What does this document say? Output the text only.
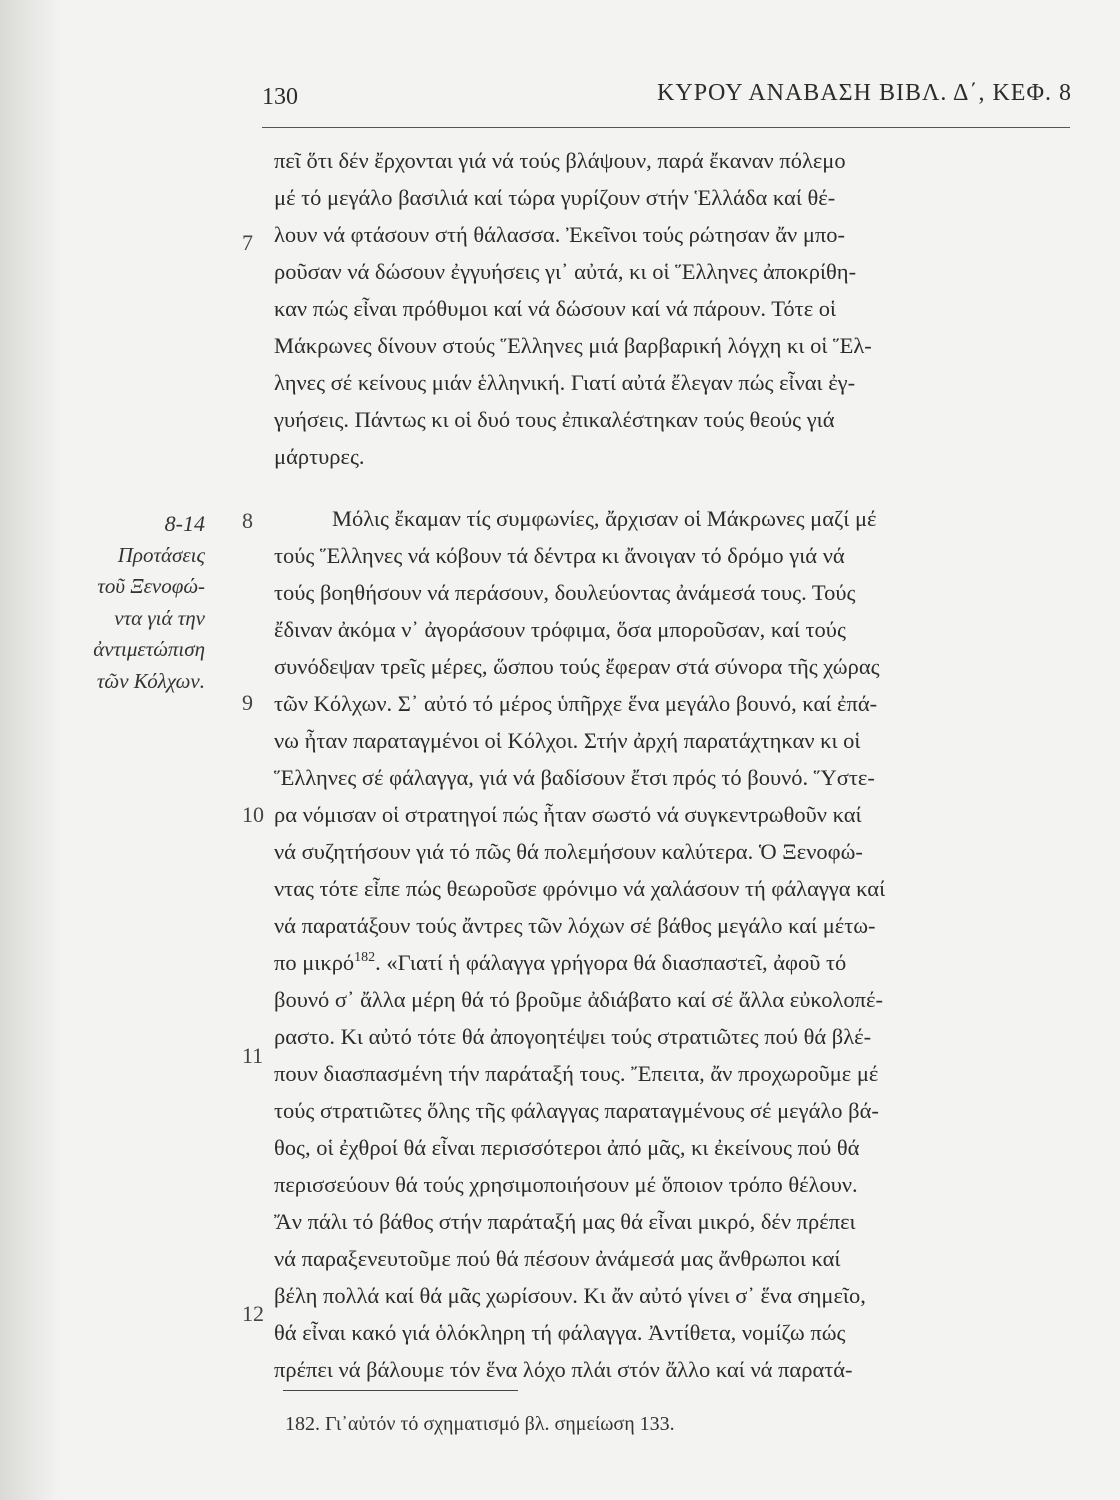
130	ΚΥΡΟΥ ΑΝΑΒΑΣΗ ΒΙΒΛ. Δ΄, ΚΕΦ. 8
7
8
9
10
11
12
8-14
Προτάσεις
τοῦ Ξενοφώ-
ντα γιά την
ἀντιμετώπιση
τῶν Κόλχων.
πεῖ ὅτι δέν ἔρχονται γιά νά τούς βλάψουν, παρά ἔκαναν πόλεμο
μέ τό μεγάλο βασιλιά καί τώρα γυρίζουν στήν Ἑλλάδα καί θέ-
λουν νά φτάσουν στή θάλασσα. Ἐκεῖνοι τούς ρώτησαν ἄν μπο-
ροῦσαν νά δώσουν ἐγγυήσεις γι᾽ αὐτά, κι οἱ Ἕλληνες ἀποκρίθη-
καν πώς εἶναι πρόθυμοι καί νά δώσουν καί νά πάρουν. Τότε οἱ
Μάκρωνες δίνουν στούς Ἕλληνες μιά βαρβαρική λόγχη κι οἱ Ἕλ-
ληνες σέ κείνους μιάν ἑλληνική. Γιατί αὐτά ἔλεγαν πώς εἶναι ἐγ-
γυήσεις. Πάντως κι οἱ δυό τους ἐπικαλέστηκαν τούς θεούς γιά
μάρτυρες.
Μόλις ἔκαμαν τίς συμφωνίες, ἄρχισαν οἱ Μάκρωνες μαζί μέ
τούς Ἕλληνες νά κόβουν τά δέντρα κι ἄνοιγαν τό δρόμο γιά νά
τούς βοηθήσουν νά περάσουν, δουλεύοντας ἀνάμεσά τους. Τούς
ἔδιναν ἀκόμα ν᾽ ἀγοράσουν τρόφιμα, ὅσα μποροῦσαν, καί τούς
συνόδεψαν τρεῖς μέρες, ὥσπου τούς ἔφεραν στά σύνορα τῆς χώρας
τῶν Κόλχων. Σ᾽ αὐτό τό μέρος ὑπῆρχε ἕνα μεγάλο βουνό, καί ἐπά-
νω ἦταν παραταγμένοι οἱ Κόλχοι. Στήν ἀρχή παρατάχτηκαν κι οἱ
Ἕλληνες σέ φάλαγγα, γιά νά βαδίσουν ἔτσι πρός τό βουνό. Ὕστε-
ρα νόμισαν οἱ στρατηγοί πώς ἦταν σωστό νά συγκεντρωθοῦν καί
νά συζητήσουν γιά τό πῶς θά πολεμήσουν καλύτερα. Ὁ Ξενοφώ-
ντας τότε εἶπε πώς θεωροῦσε φρόνιμο νά χαλάσουν τή φάλαγγα καί
νά παρατάξουν τούς ἄντρες τῶν λόχων σέ βάθος μεγάλο καί μέτω-
πο μικρό$^{182}$. «Γιατί ἡ φάλαγγα γρήγορα θά διασπαστεῖ, ἀφοῦ τό
βουνό σ᾽ ἄλλα μέρη θά τό βροῦμε ἀδιάβατο καί σέ ἄλλα εὐκολοπέ-
ραστο. Κι αὐτό τότε θά ἀπογοητέψει τούς στρατιῶτες πού θά βλέ-
πουν διασπασμένη τήν παράταξή τους. Ἔπειτα, ἄν προχωροῦμε μέ
τούς στρατιῶτες ὅλης τῆς φάλαγγας παραταγμένους σέ μεγάλο βά-
θος, οἱ ἐχθροί θά εἶναι περισσότεροι ἀπό μᾶς, κι ἐκείνους πού θά
περισσεύουν θά τούς χρησιμοποιήσουν μέ ὅποιον τρόπο θέλουν.
Ἄν πάλι τό βάθος στήν παράταξή μας θά εἶναι μικρό, δέν πρέπει
νά παραξενευτοῦμε πού θά πέσουν ἀνάμεσά μας ἄνθρωποι καί
βέλη πολλά καί θά μᾶς χωρίσουν. Κι ἄν αὐτό γίνει σ᾽ ἕνα σημεῖο,
θά εἶναι κακό γιά ὁλόκληρη τή φάλαγγα. Ἀντίθετα, νομίζω πώς
πρέπει νά βάλουμε τόν ἕνα λόχο πλάι στόν ἄλλο καί νά παρατά-
182. Γι᾽αὐτόν τό σχηματισμό βλ. σημείωση 133.
